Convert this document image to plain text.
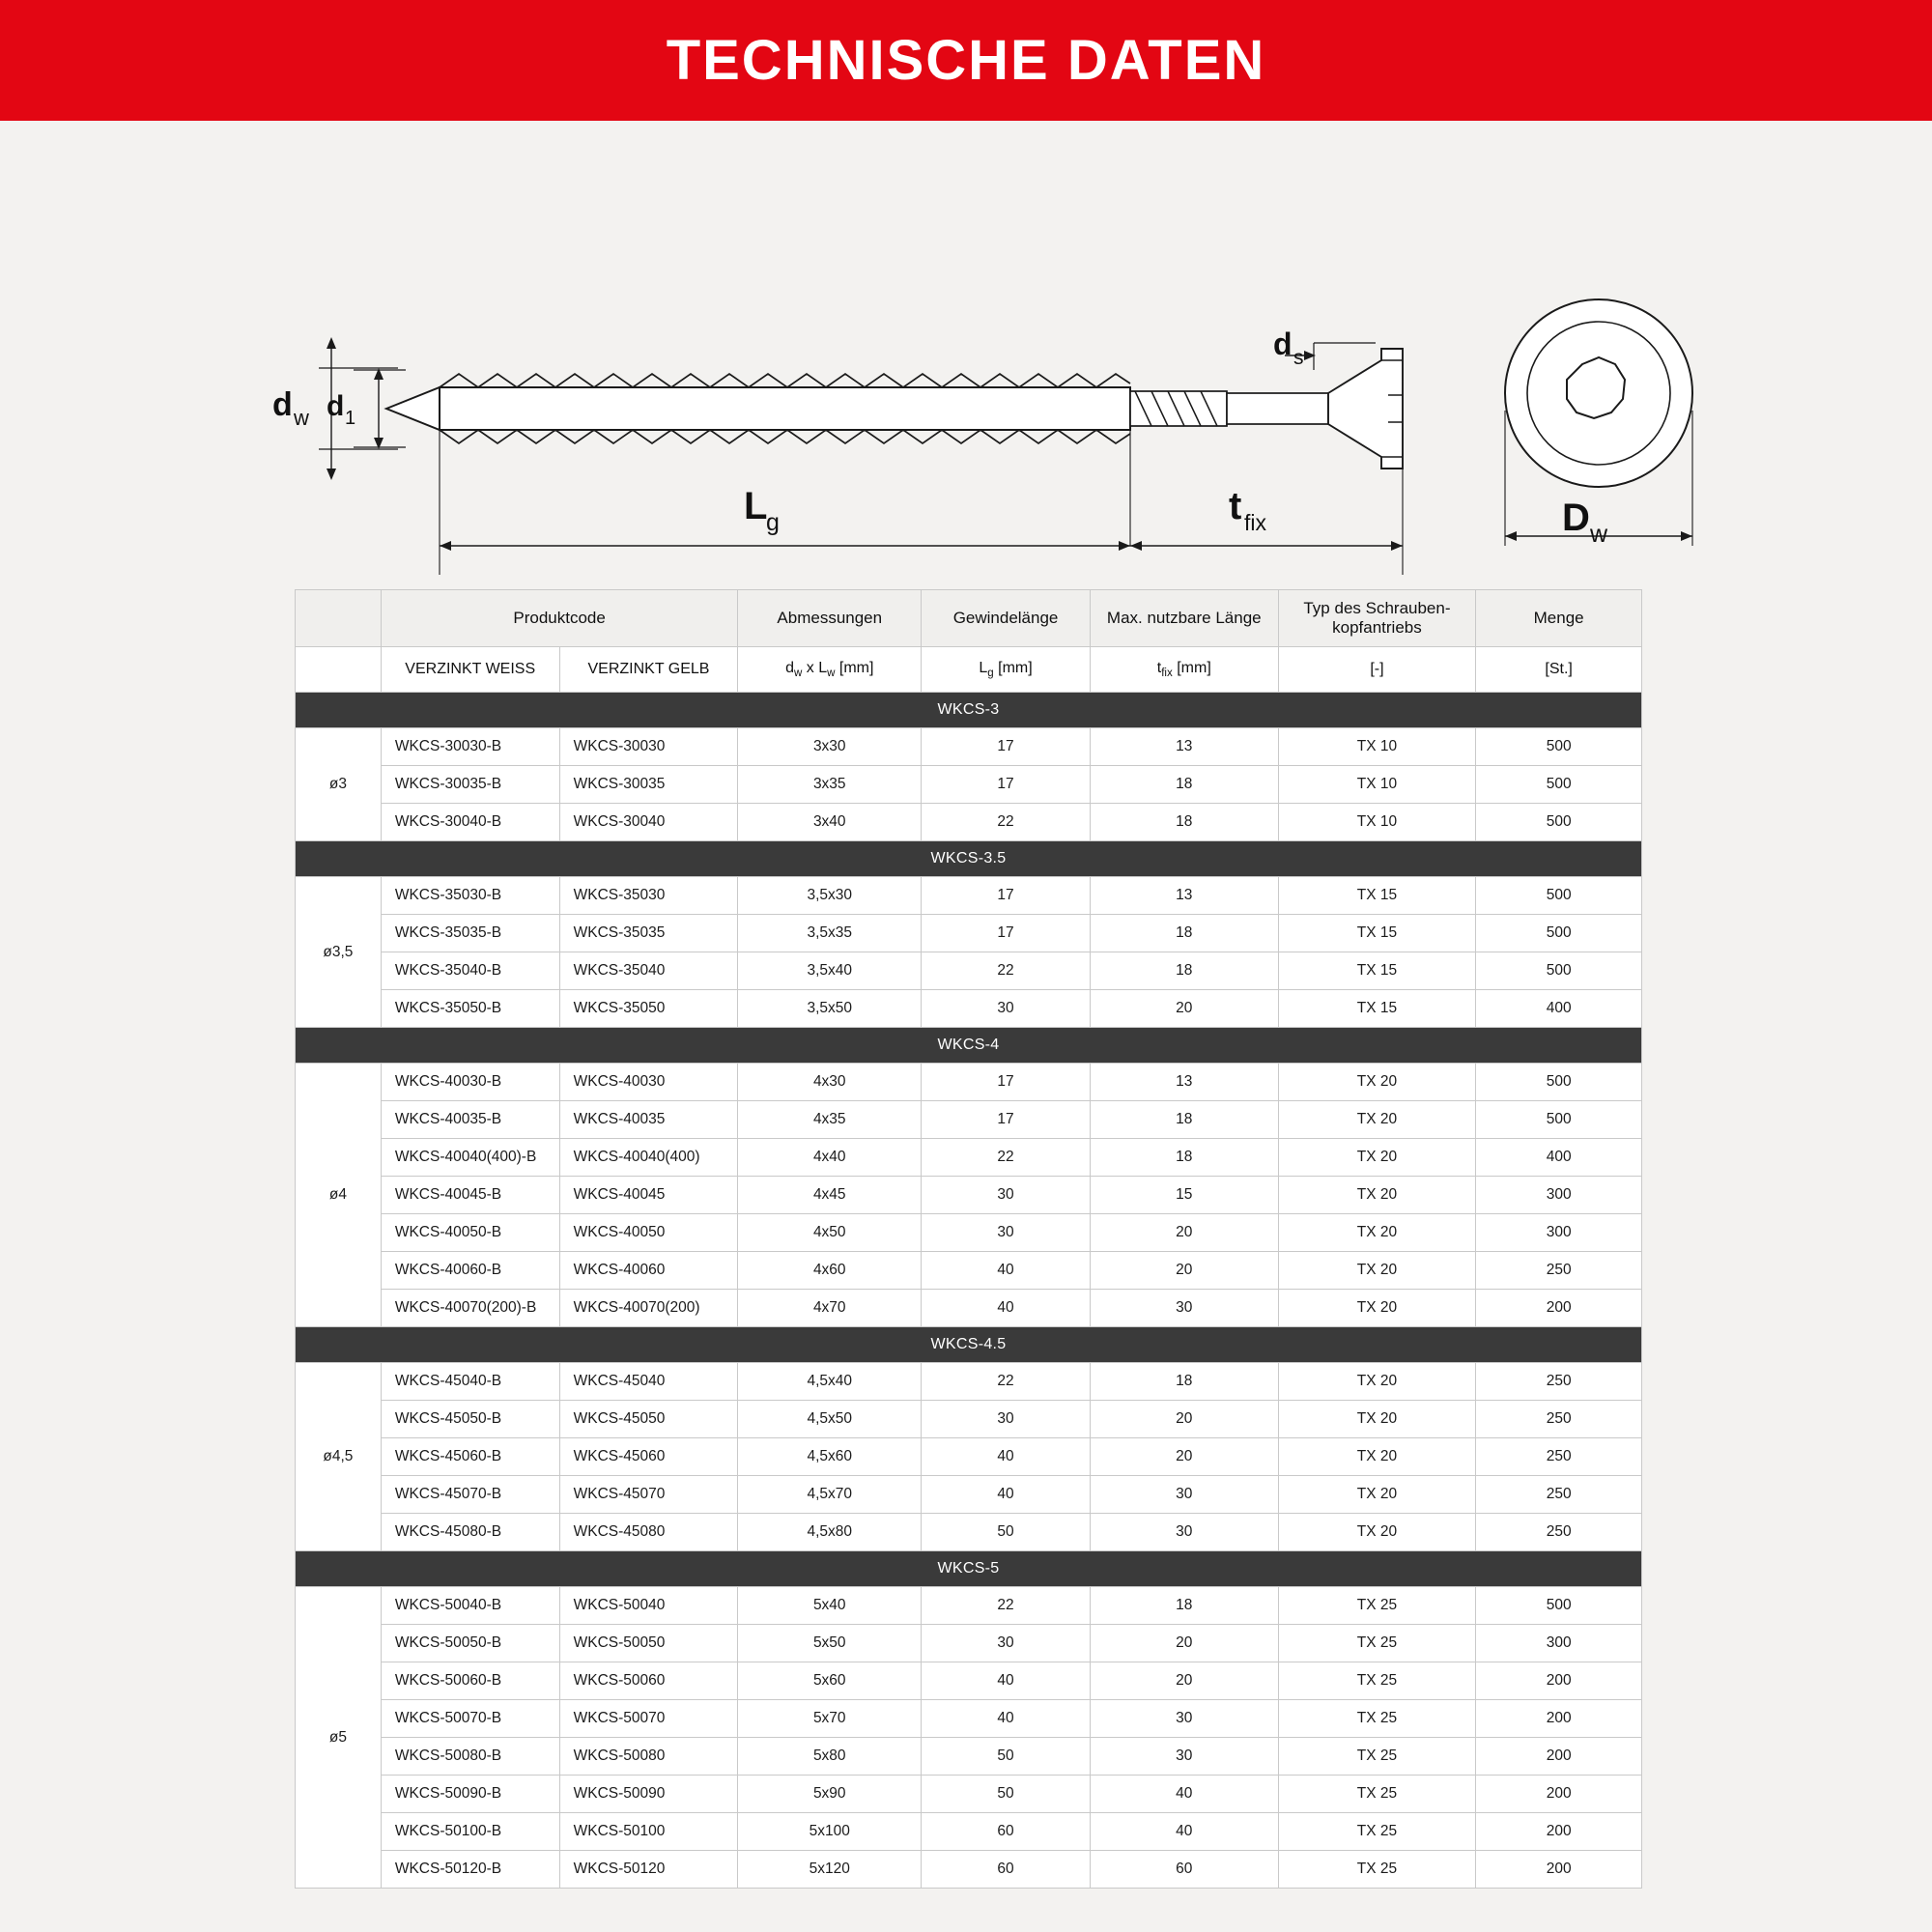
TECHNISCHE DATEN
d w d 1
d s
L
g	t fix	D w
	Produktcode		Abmessungen	Gewindelänge	Max. nutzbare Länge	Typ des Schrauben-
kopfantriebs	Menge
	VERZINKT WEISS	VERZINKT GELB	$d_w$ x $L_w$ [mm]	$L_g$ [mm]	$t_{fix}$ [mm]	[-]	[St.]
WKCS-3							
ø3	WKCS-30030-B	WKCS-30030	3x30	17	13	TX 10	500
	WKCS-30035-B	WKCS-30035	3x35	17	18	TX 10	500
	WKCS-30040-B	WKCS-30040	3x40	22	18	TX 10	500
WKCS-3.5							
ø3,5	WKCS-35030-B	WKCS-35030	3,5x30	17	13	TX 15	500
	WKCS-35035-B	WKCS-35035	3,5x35	17	18	TX 15	500
	WKCS-35040-B	WKCS-35040	3,5x40	22	18	TX 15	500
	WKCS-35050-B	WKCS-35050	3,5x50	30	20	TX 15	400
WKCS-4							
ø4	WKCS-40030-B	WKCS-40030	4x30	17	13	TX 20	500
	WKCS-40035-B	WKCS-40035	4x35	17	18	TX 20	500
	WKCS-40040(400)-B	WKCS-40040(400)	4x40	22	18	TX 20	400
	WKCS-40045-B	WKCS-40045	4x45	30	15	TX 20	300
	WKCS-40050-B	WKCS-40050	4x50	30	20	TX 20	300
	WKCS-40060-B	WKCS-40060	4x60	40	20	TX 20	250
	WKCS-40070(200)-B	WKCS-40070(200)	4x70	40	30	TX 20	200
WKCS-4.5							
ø4,5	WKCS-45040-B	WKCS-45040	4,5x40	22	18	TX 20	250
	WKCS-45050-B	WKCS-45050	4,5x50	30	20	TX 20	250
	WKCS-45060-B	WKCS-45060	4,5x60	40	20	TX 20	250
	WKCS-45070-B	WKCS-45070	4,5x70	40	30	TX 20	250
	WKCS-45080-B	WKCS-45080	4,5x80	50	30	TX 20	250
WKCS-5							
ø5	WKCS-50040-B	WKCS-50040	5x40	22	18	TX 25	500
	WKCS-50050-B	WKCS-50050	5x50	30	20	TX 25	300
	WKCS-50060-B	WKCS-50060	5x60	40	20	TX 25	200
	WKCS-50070-B	WKCS-50070	5x70	40	30	TX 25	200
	WKCS-50080-B	WKCS-50080	5x80	50	30	TX 25	200
	WKCS-50090-B	WKCS-50090	5x90	50	40	TX 25	200
	WKCS-50100-B	WKCS-50100	5x100	60	40	TX 25	200
	WKCS-50120-B	WKCS-50120	5x120	60	60	TX 25	200
